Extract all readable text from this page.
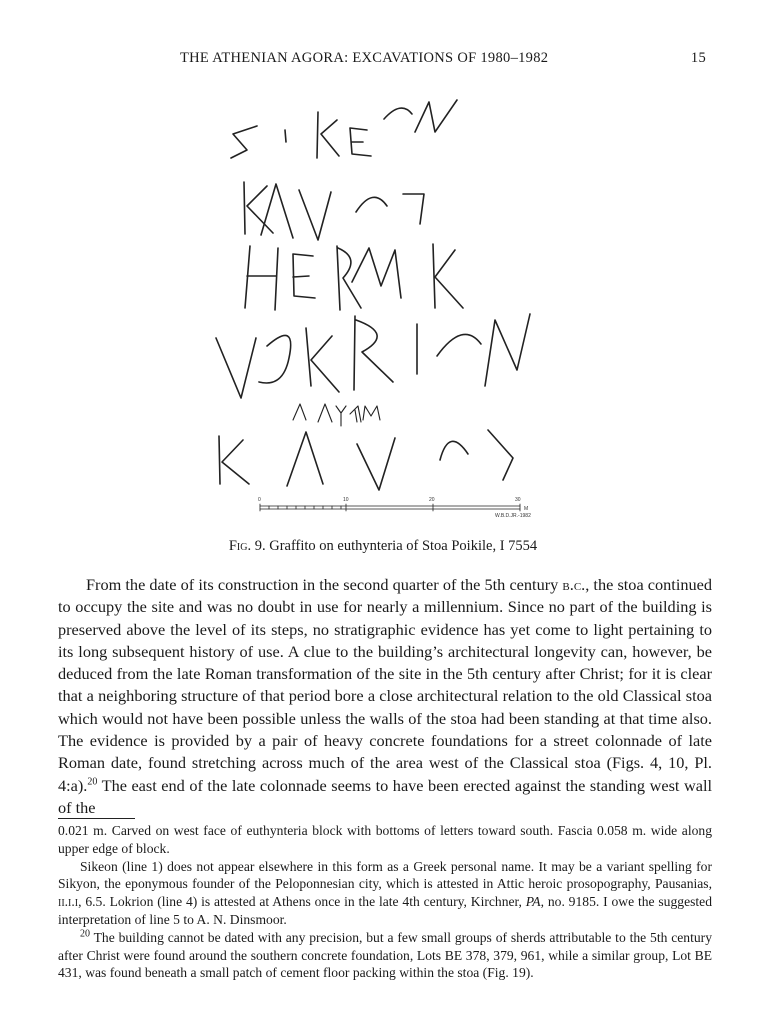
THE ATHENIAN AGORA: EXCAVATIONS OF 1980–1982	15
0	10	20	30
M
W.B.D.JR.-1982
Fig. 9. Graffito on euthynteria of Stoa Poikile, I 7554

From the date of its construction in the second quarter of the 5th century b.c., the stoa continued to occupy the site and was no doubt in use for nearly a millennium. Since no part of the building is preserved above the level of its steps, no stratigraphic evidence has yet come to light pertaining to its long subsequent history of use. A clue to the building’s architectural longevity can, however, be deduced from the late Roman transformation of the site in the 5th century after Christ; for it is clear that a neighboring structure of that period bore a close architectural relation to the old Classical stoa which would not have been possible unless the walls of the stoa had been standing at that time also. The evidence is provided by a pair of heavy concrete foundations for a street colonnade of late Roman date, found stretching across much of the area west of the Classical stoa (Figs. 4, 10, Pl. 4:a).$^{20}$ The east end of the late colonnade seems to have been erected against the standing west wall of the

0.021 m. Carved on west face of euthynteria block with bottoms of letters toward south. Fascia 0.058 m. wide along upper edge of block.

Sikeon (line 1) does not appear elsewhere in this form as a Greek personal name. It may be a variant spelling for Sikyon, the eponymous founder of the Peloponnesian city, which is attested in Attic heroic prosopography, Pausanias, ii.i.i, 6.5. Lokrion (line 4) is attested at Athens once in the late 4th century, Kirchner, PA, no. 9185. I owe the suggested interpretation of line 5 to A. N. Dinsmoor.

$^{20}$ The building cannot be dated with any precision, but a few small groups of sherds attributable to the 5th century after Christ were found around the southern concrete foundation, Lots BE 378, 379, 961, while a similar group, Lot BE 431, was found beneath a small patch of cement floor packing within the stoa (Fig. 19).
